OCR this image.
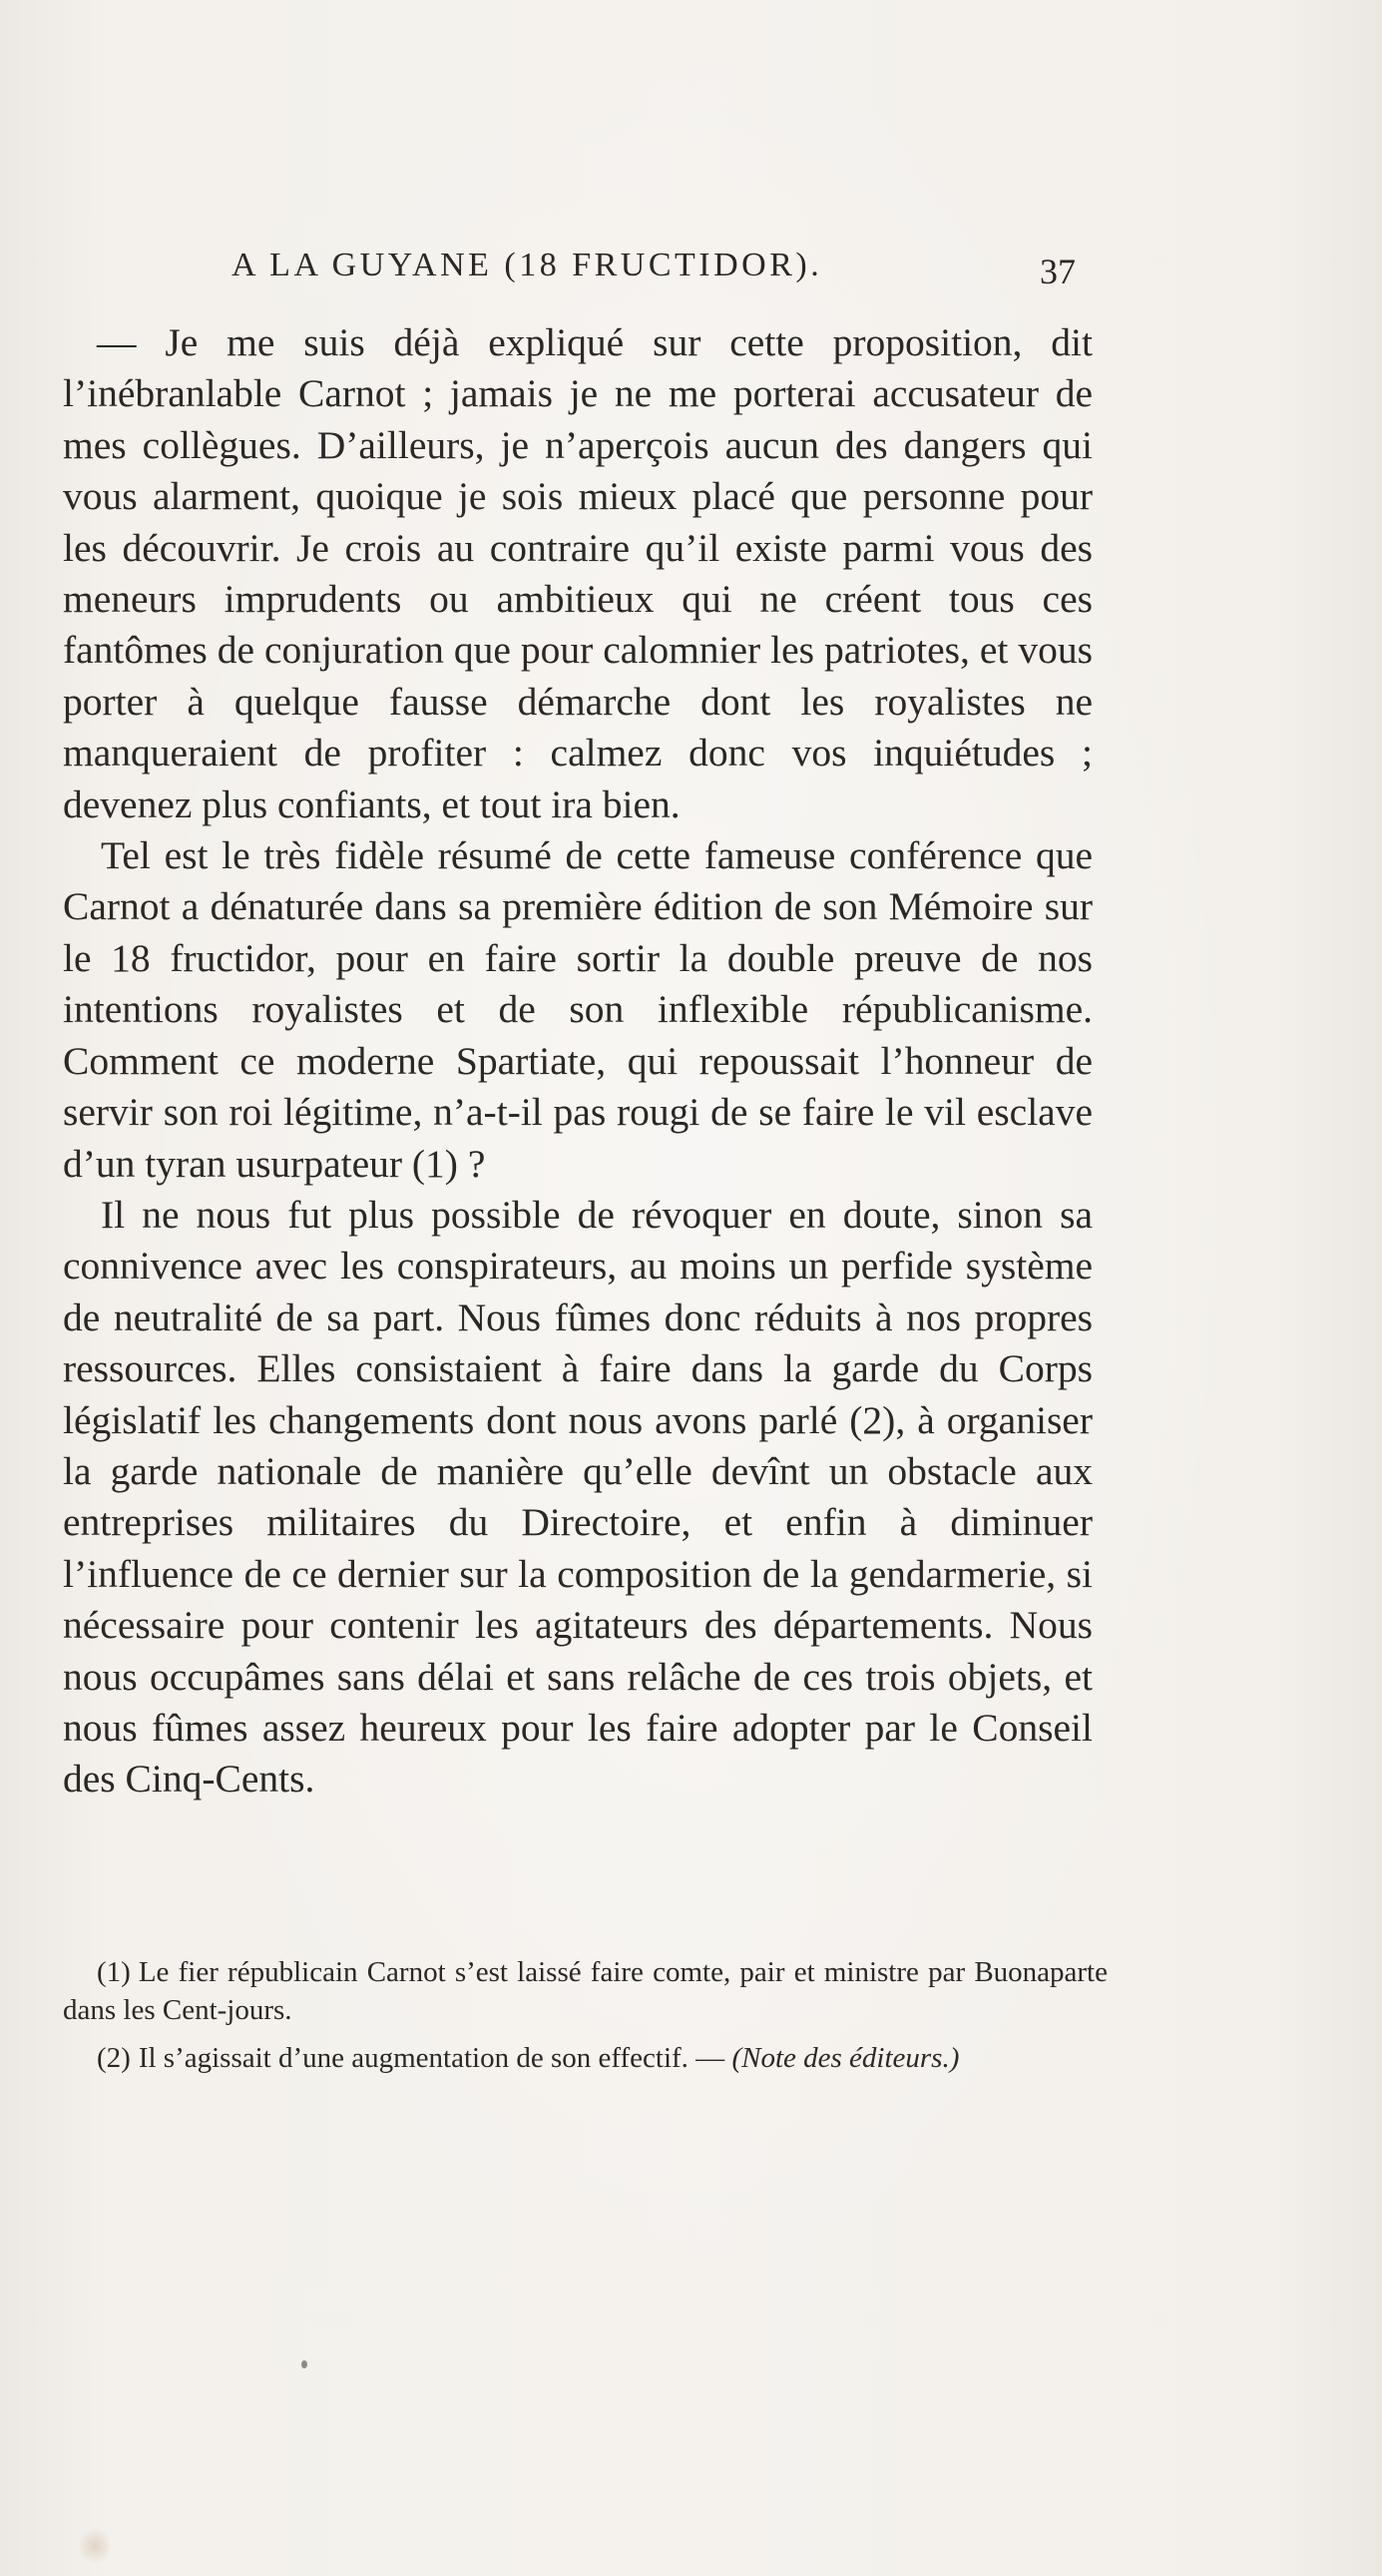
A LA GUYANE (18 FRUCTIDOR).	37

— Je me suis déjà expliqué sur cette proposition, dit l’inébranlable Carnot ; jamais je ne me porterai accusateur de mes collègues. D’ailleurs, je n’aperçois aucun des dangers qui vous alarment, quoique je sois mieux placé que personne pour les découvrir. Je crois au contraire qu’il existe parmi vous des meneurs imprudents ou ambitieux qui ne créent tous ces fantômes de conjuration que pour calomnier les patriotes, et vous porter à quelque fausse démarche dont les royalistes ne manqueraient de profiter : calmez donc vos inquiétudes ; devenez plus confiants, et tout ira bien.

Tel est le très fidèle résumé de cette fameuse conférence que Carnot a dénaturée dans sa première édition de son Mémoire sur le 18 fructidor, pour en faire sortir la double preuve de nos intentions royalistes et de son inflexible républicanisme. Comment ce moderne Spartiate, qui repoussait l’honneur de servir son roi légitime, n’a-t-il pas rougi de se faire le vil esclave d’un tyran usurpateur (1) ?

Il ne nous fut plus possible de révoquer en doute, sinon sa connivence avec les conspirateurs, au moins un perfide système de neutralité de sa part. Nous fûmes donc réduits à nos propres ressources. Elles consistaient à faire dans la garde du Corps législatif les changements dont nous avons parlé (2), à organiser la garde nationale de manière qu’elle devînt un obstacle aux entreprises militaires du Directoire, et enfin à diminuer l’influence de ce dernier sur la composition de la gendarmerie, si nécessaire pour contenir les agitateurs des départements. Nous nous occupâmes sans délai et sans relâche de ces trois objets, et nous fûmes assez heureux pour les faire adopter par le Conseil des Cinq-Cents.

(1) Le fier républicain Carnot s’est laissé faire comte, pair et ministre par Buonaparte dans les Cent-jours.

(2) Il s’agissait d’une augmentation de son effectif. — (Note des éditeurs.)
